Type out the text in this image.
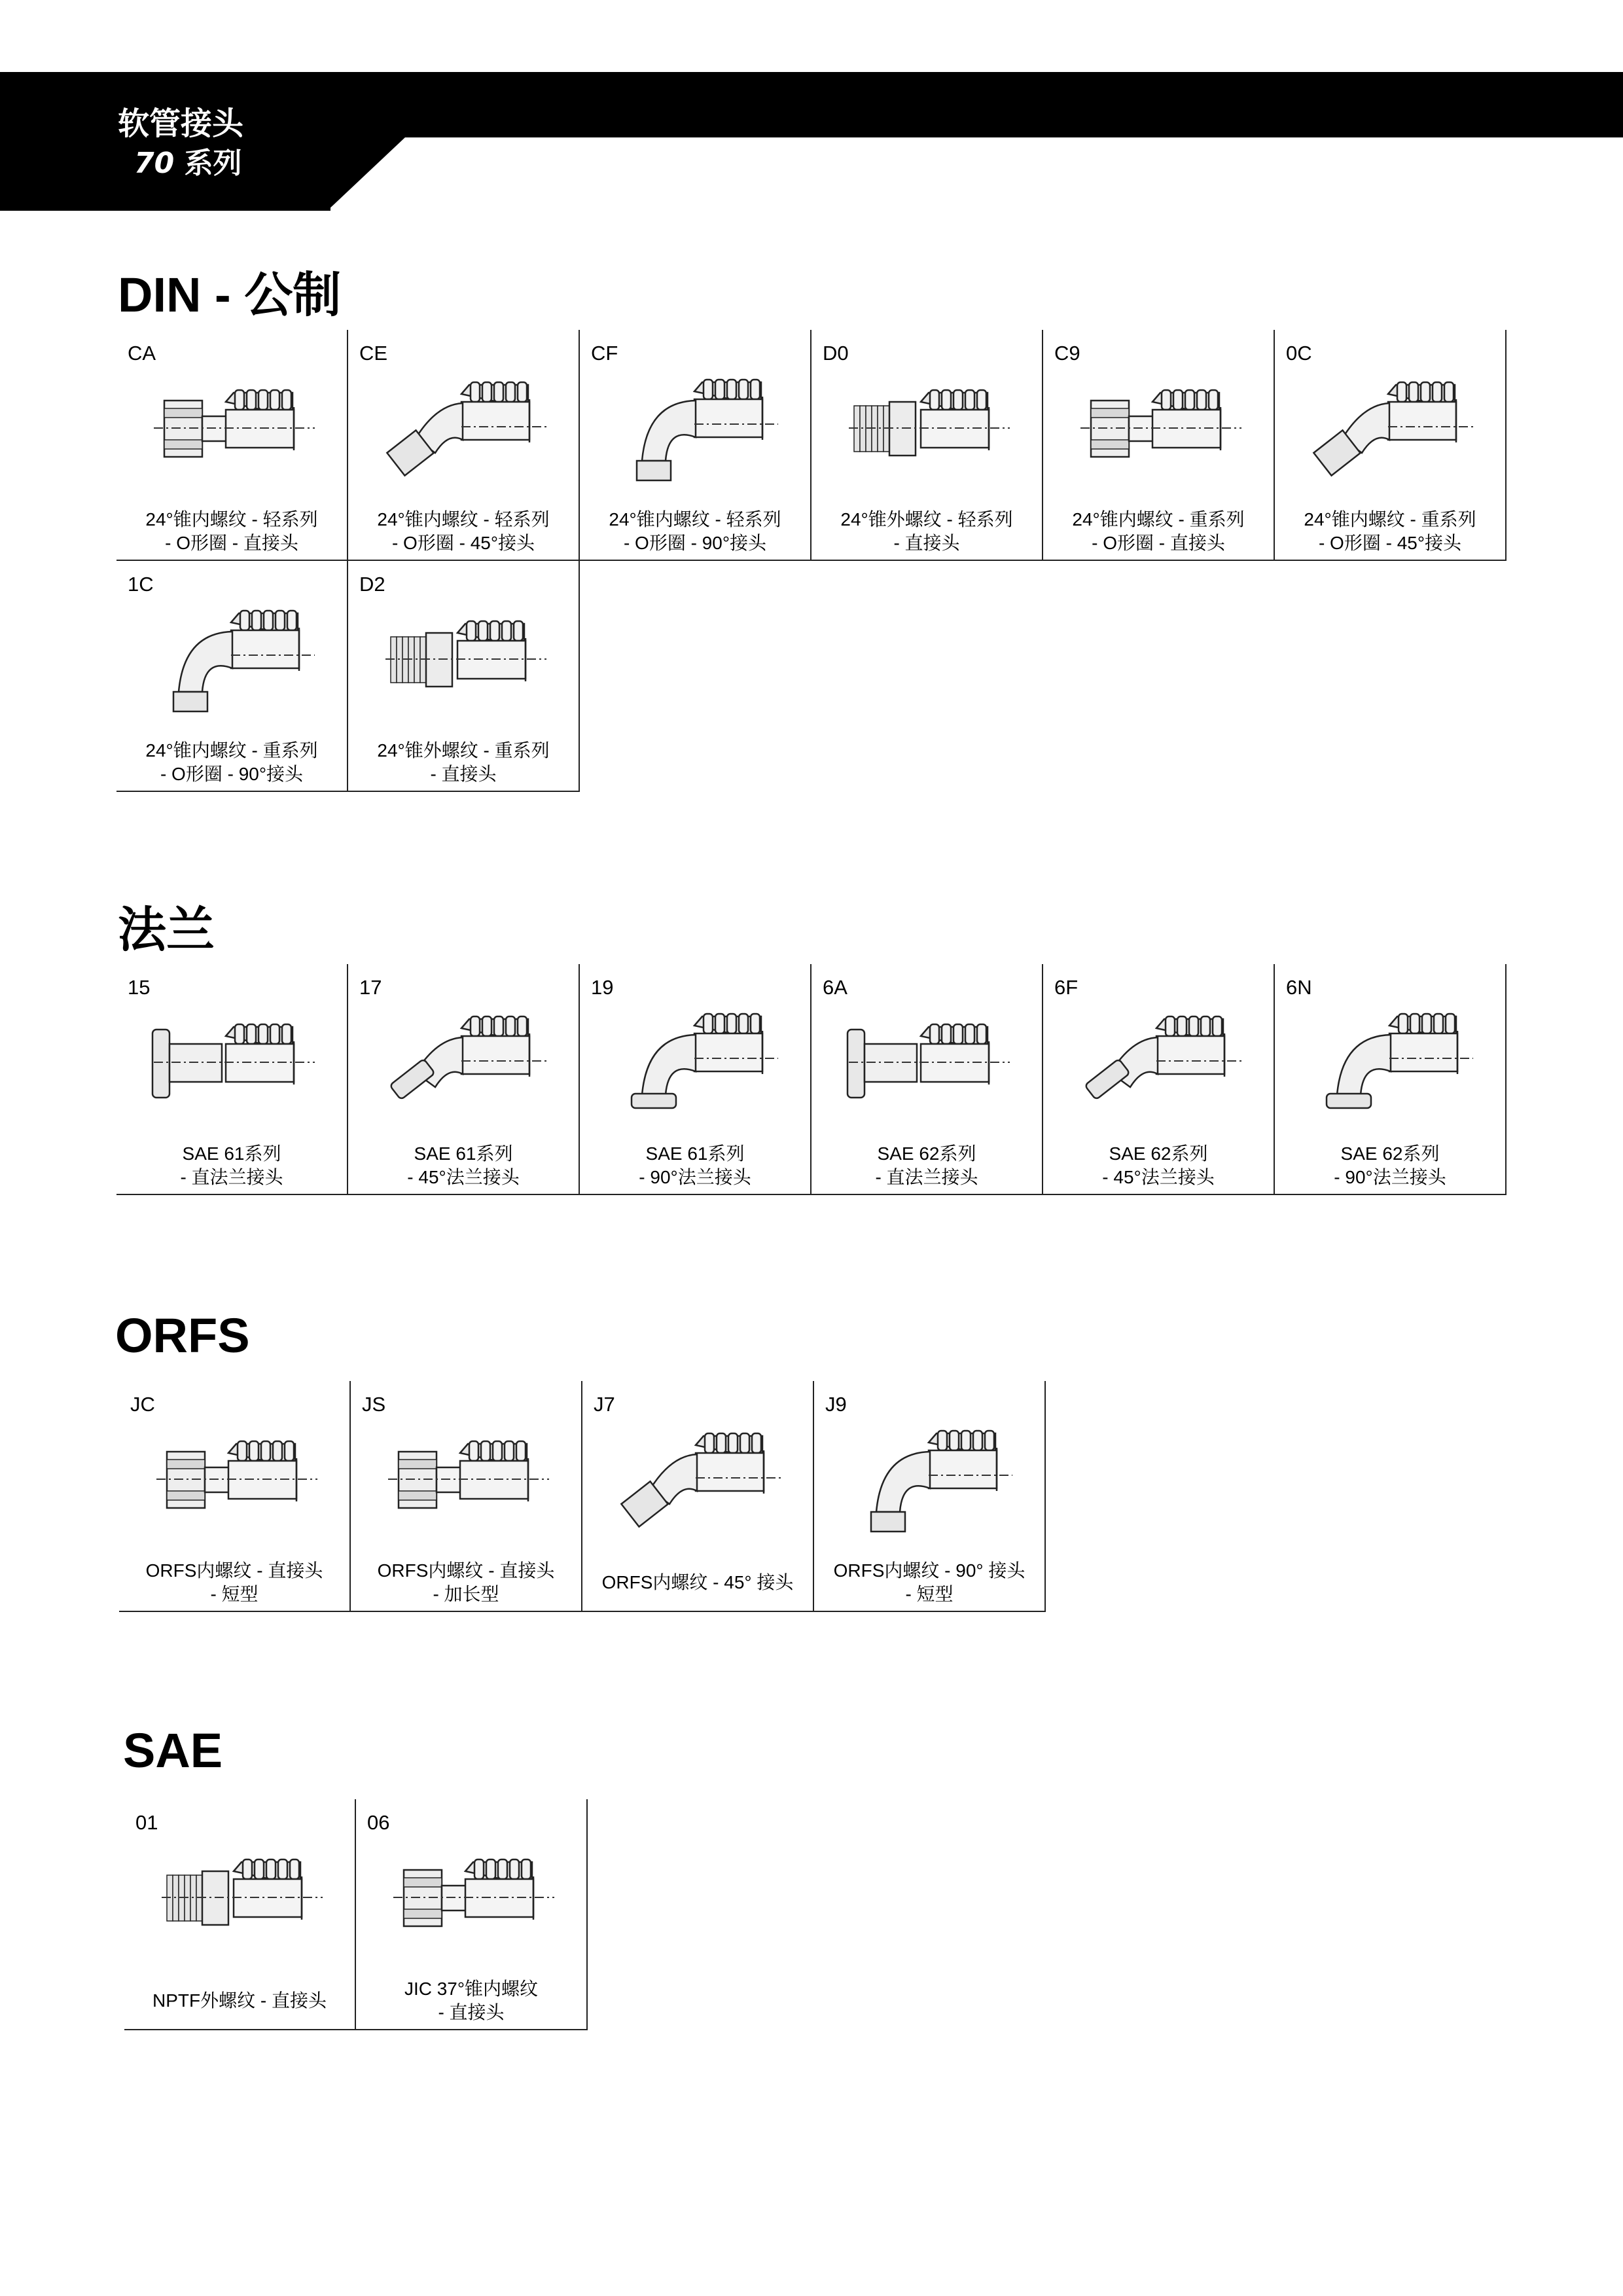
软管接头
70 系列
DIN - 公制
CA
24°锥内螺纹 - 轻系列
- O形圈 - 直接头
CE
24°锥内螺纹 - 轻系列
- O形圈 - 45°接头
CF
24°锥内螺纹 - 轻系列
- O形圈 - 90°接头
D0
24°锥外螺纹 - 轻系列
- 直接头
C9
24°锥内螺纹 - 重系列
- O形圈 - 直接头
0C
24°锥内螺纹 - 重系列
- O形圈 - 45°接头
1C
24°锥内螺纹 - 重系列
- O形圈 - 90°接头
D2
24°锥外螺纹 - 重系列
- 直接头
法兰
15
SAE 61系列
- 直法兰接头
17
SAE 61系列
- 45°法兰接头
19
SAE 61系列
- 90°法兰接头
6A
SAE 62系列
- 直法兰接头
6F
SAE 62系列
- 45°法兰接头
6N
SAE 62系列
- 90°法兰接头
ORFS
JC
ORFS内螺纹 - 直接头
- 短型
JS
ORFS内螺纹 - 直接头
- 加长型
J7
ORFS内螺纹 - 45° 接头
J9
ORFS内螺纹 - 90° 接头
- 短型
SAE
01
NPTF外螺纹 - 直接头
06
JIC 37°锥内螺纹
- 直接头
